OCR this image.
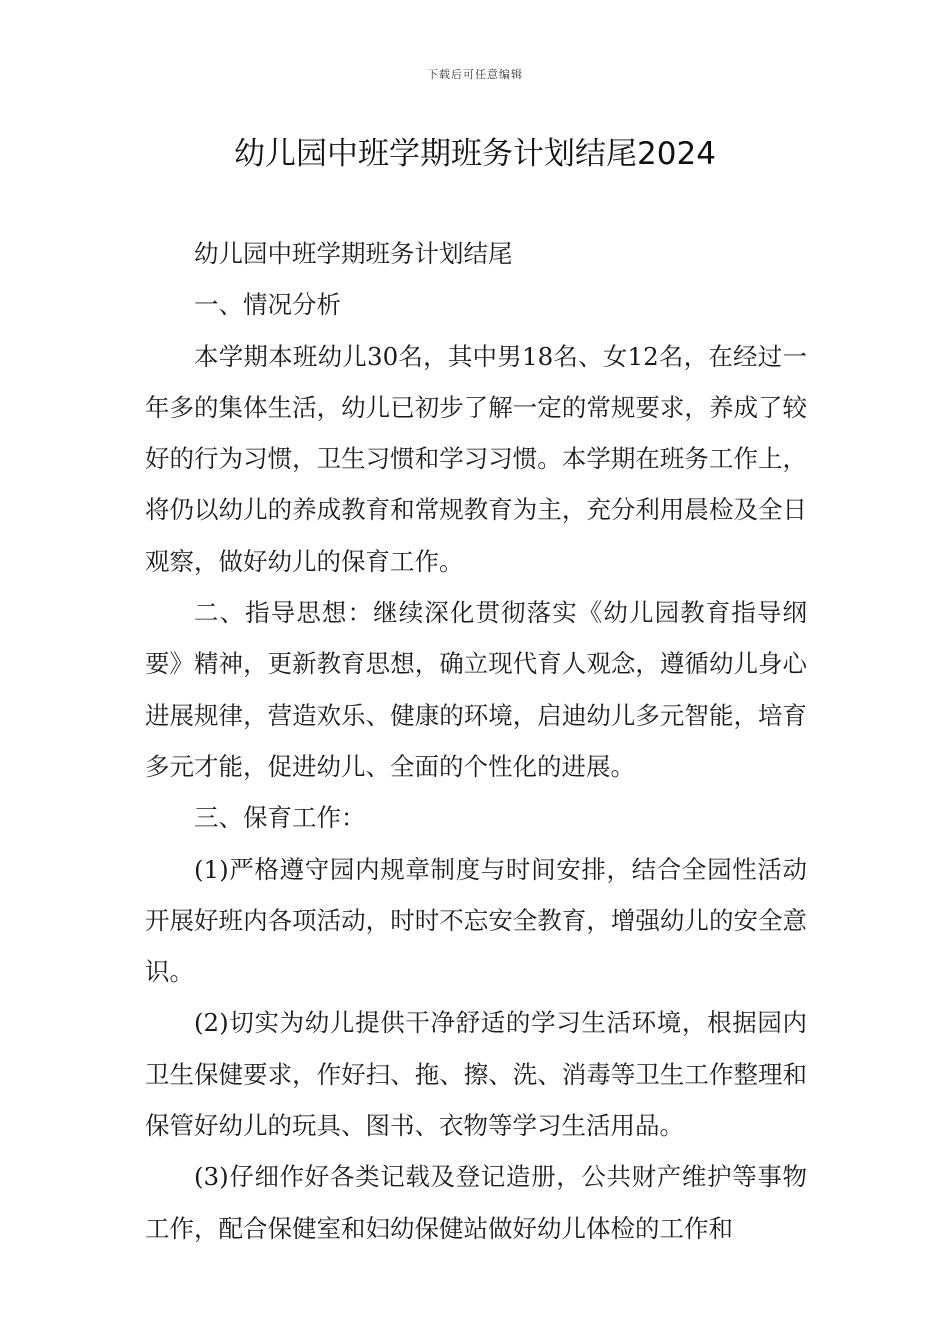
下载后可任意编辑
幼儿园中班学期班务计划结尾2024

幼儿园中班学期班务计划结尾

一、情况分析

本学期本班幼儿30名，其中男18名、女12名，在经过一年多的集体生活，幼儿已初步了解一定的常规要求，养成了较好的行为习惯，卫生习惯和学习习惯。本学期在班务工作上，将仍以幼儿的养成教育和常规教育为主，充分利用晨检及全日观察，做好幼儿的保育工作。

二、指导思想：继续深化贯彻落实《幼儿园教育指导纲要》精神，更新教育思想，确立现代育人观念，遵循幼儿身心进展规律，营造欢乐、健康的环境，启迪幼儿多元智能，培育多元才能，促进幼儿、全面的个性化的进展。

三、保育工作：

(1)严格遵守园内规章制度与时间安排，结合全园性活动开展好班内各项活动，时时不忘安全教育，增强幼儿的安全意识。

(2)切实为幼儿提供干净舒适的学习生活环境，根据园内卫生保健要求，作好扫、拖、擦、洗、消毒等卫生工作整理和保管好幼儿的玩具、图书、衣物等学习生活用品。

(3)仔细作好各类记载及登记造册，公共财产维护等事物工作，配合保健室和妇幼保健站做好幼儿体检的工作和
